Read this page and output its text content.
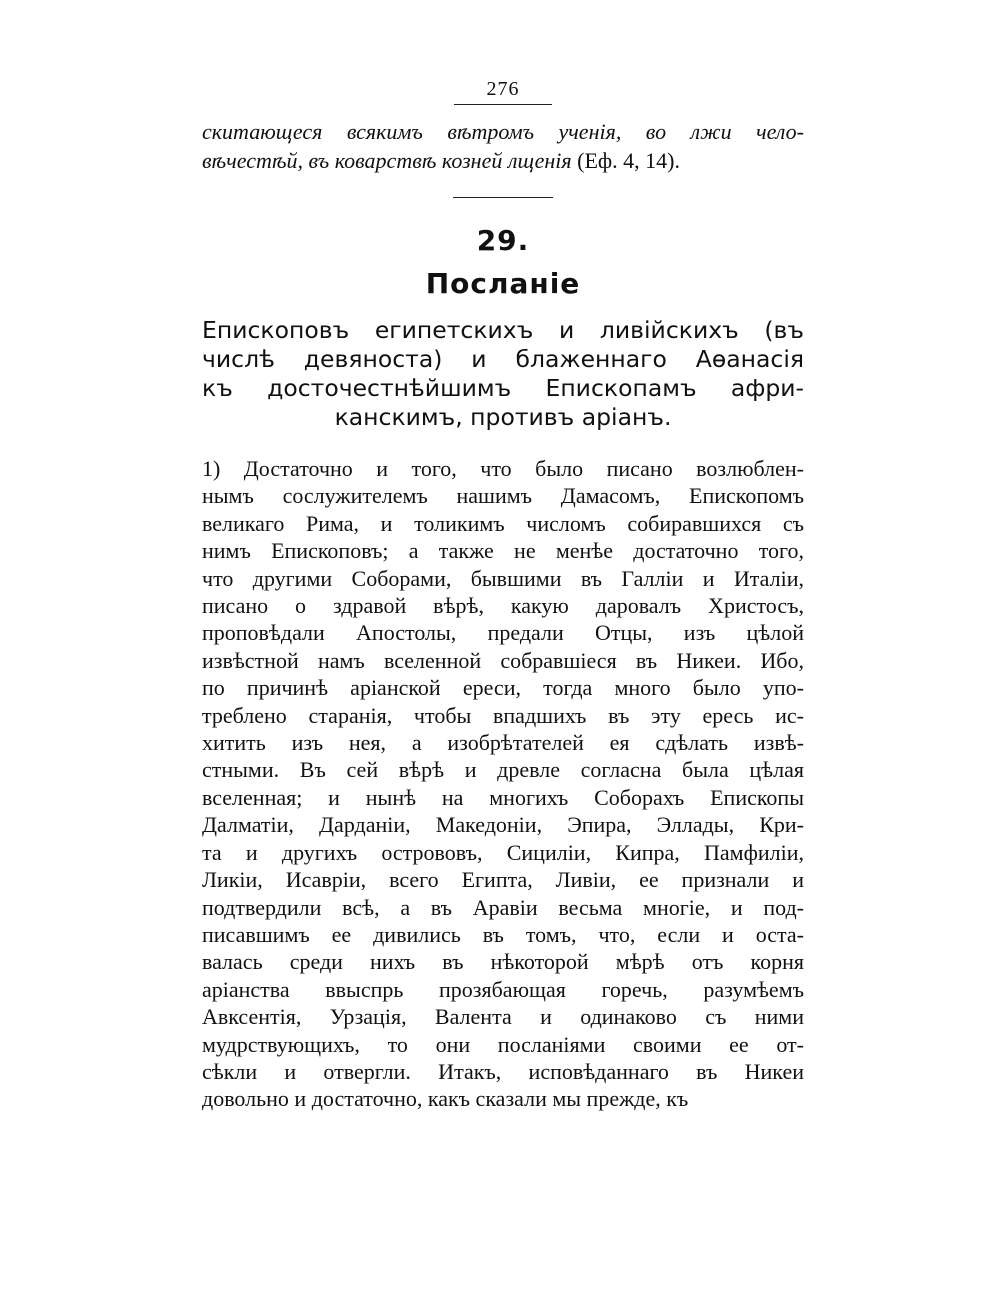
276
скитающеся всякимъ вѣтромъ ученія, во лжи чело-
вѣчестѣй, въ коварствѣ козней лщенія (Еф. 4, 14).
29.
Посланіе
Епископовъ египетскихъ и ливійскихъ (въ
числѣ девяноста) и блаженнаго Аѳанасія
къ досточестнѣйшимъ Епископамъ афри-
канскимъ, противъ аріанъ.
1) Достаточно и того, что было писано возлюблен-
нымъ сослужителемъ нашимъ Дамасомъ, Епископомъ
великаго Рима, и толикимъ числомъ собиравшихся съ
нимъ Епископовъ; а также не менѣе достаточно того,
что другими Соборами, бывшими въ Галліи и Италіи,
писано о здравой вѣрѣ, какую даровалъ Христосъ,
проповѣдали Апостолы, предали Отцы, изъ цѣлой
извѣстной намъ вселенной собравшіеся въ Никеи. Ибо,
по причинѣ аріанской ереси, тогда много было упо-
треблено старанія, чтобы впадшихъ въ эту ересь ис-
хитить изъ нея, а изобрѣтателей ея сдѣлать извѣ-
стными. Въ сей вѣрѣ и древле согласна была цѣлая
вселенная; и нынѣ на многихъ Соборахъ Епископы
Далматіи, Дарданіи, Македоніи, Эпира, Эллады, Кри-
та и другихъ острововъ, Сициліи, Кипра, Памфиліи,
Ликіи, Исавріи, всего Египта, Ливіи, ее признали и
подтвердили всѣ, а въ Аравіи весьма многіе, и под-
писавшимъ ее дивились въ томъ, что, если и оста-
валась среди нихъ въ нѣкоторой мѣрѣ отъ корня
аріанства ввыспрь прозябающая горечь, разумѣемъ
Авксентія, Урзація, Валента и одинаково съ ними
мудрствующихъ, то они посланіями своими ее от-
сѣкли и отвергли. Итакъ, исповѣданнаго въ Никеи
довольно и достаточно, какъ сказали мы прежде, къ
